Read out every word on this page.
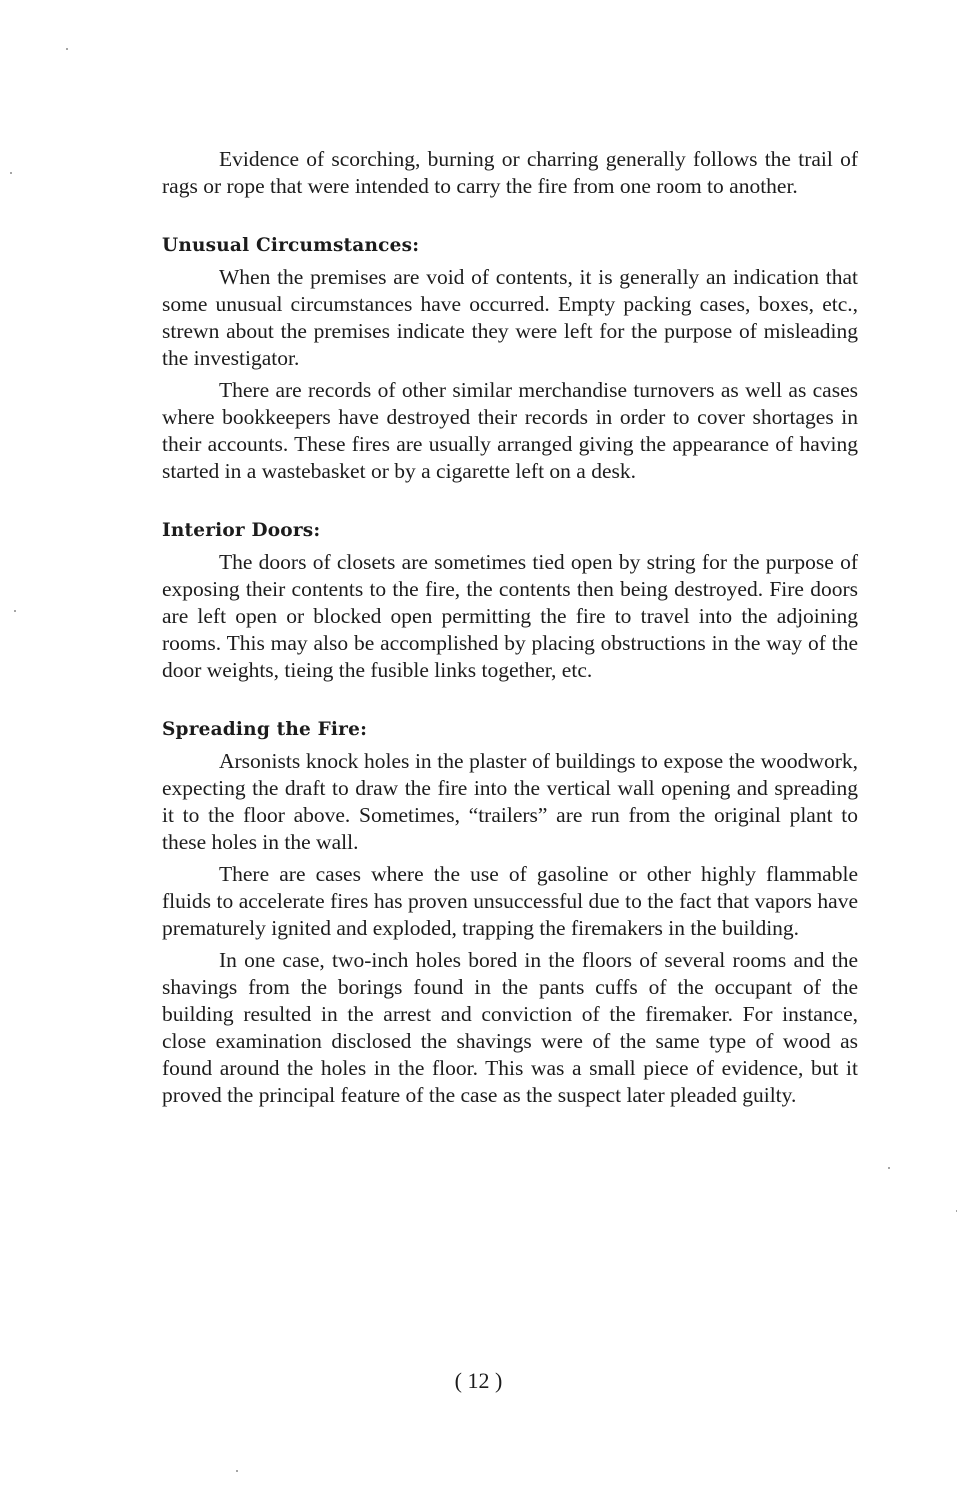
Evidence of scorching, burning or charring generally follows the trail of rags or rope that were intended to carry the fire from one room to another.

Unusual Circumstances:

When the premises are void of contents, it is generally an indication that some unusual circumstances have occurred. Empty packing cases, boxes, etc., strewn about the premises indicate they were left for the purpose of misleading the investigator.

There are records of other similar merchandise turnovers as well as cases where bookkeepers have destroyed their records in order to cover shortages in their accounts. These fires are usually arranged giving the appearance of having started in a wastebasket or by a cigarette left on a desk.

Interior Doors:

The doors of closets are sometimes tied open by string for the purpose of exposing their contents to the fire, the contents then being destroyed. Fire doors are left open or blocked open permitting the fire to travel into the adjoining rooms. This may also be accomplished by placing obstructions in the way of the door weights, tieing the fusible links together, etc.

Spreading the Fire:

Arsonists knock holes in the plaster of buildings to expose the woodwork, expecting the draft to draw the fire into the vertical wall opening and spreading it to the floor above. Sometimes, “trailers” are run from the original plant to these holes in the wall.

There are cases where the use of gasoline or other highly flammable fluids to accelerate fires has proven unsuccessful due to the fact that vapors have prematurely ignited and exploded, trapping the firemakers in the building.

In one case, two-inch holes bored in the floors of several rooms and the shavings from the borings found in the pants cuffs of the occupant of the building resulted in the arrest and conviction of the firemaker. For instance, close examination disclosed the shavings were of the same type of wood as found around the holes in the floor. This was a small piece of evidence, but it proved the principal feature of the case as the suspect later pleaded guilty.

( 12 )
